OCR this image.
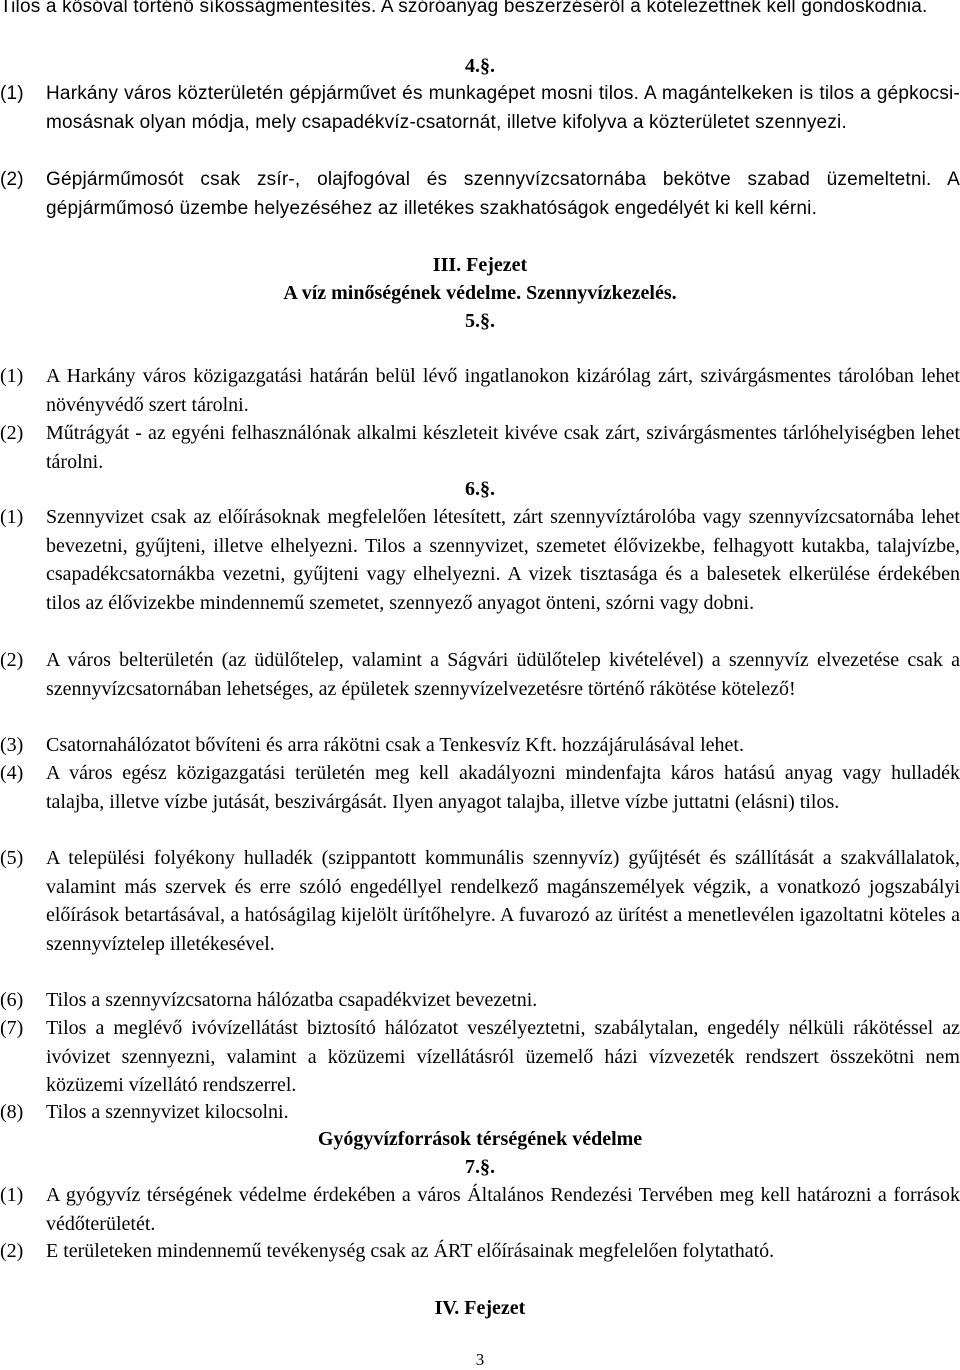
Tilos a kősóval történő síkosságmentesítés. A szóróanyag beszerzéséről a kötelezettnek kell gondoskodnia.

4.§.

(1)	Harkány város közterületén gépjárművet és munkagépet mosni tilos. A magántelkeken is tilos a gépkocsi-mosásnak olyan módja, mely csapadékvíz-csatornát, illetve kifolyva a közterületet szennyezi.
(2)	Gépjárműmosót csak zsír-, olajfogóval és szennyvízcsatornába bekötve szabad üzemeltetni. A gépjárműmosó üzembe helyezéséhez az illetékes szakhatóságok engedélyét ki kell kérni.

III. Fejezet

A víz minőségének védelme. Szennyvízkezelés.

5.§.

(1)	A Harkány város közigazgatási határán belül lévő ingatlanokon kizárólag zárt, szivárgásmentes tárolóban lehet növényvédő szert tárolni.
(2)	Műtrágyát - az egyéni felhasználónak alkalmi készleteit kivéve csak zárt, szivárgásmentes tárlóhelyiségben lehet tárolni.

6.§.

(1)	Szennyvizet csak az előírásoknak megfelelően létesített, zárt szennyvíztárolóba vagy szennyvízcsatornába lehet bevezetni, gyűjteni, illetve elhelyezni. Tilos a szennyvizet, szemetet élővizekbe, felhagyott kutakba, talajvízbe, csapadékcsatornákba vezetni, gyűjteni vagy elhelyezni. A vizek tisztasága és a balesetek elkerülése érdekében tilos az élővizekbe mindennemű szemetet, szennyező anyagot önteni, szórni vagy dobni.
(2)	A város belterületén (az üdülőtelep, valamint a Ságvári üdülőtelep kivételével) a szennyvíz elvezetése csak a szennyvízcsatornában lehetséges, az épületek szennyvízelvezetésre történő rákötése kötelező!
(3)	Csatornahálózatot bővíteni és arra rákötni csak a Tenkesvíz Kft. hozzájárulásával lehet.
(4)	A város egész közigazgatási területén meg kell akadályozni mindenfajta káros hatású anyag vagy hulladék talajba, illetve vízbe jutását, beszivárgását. Ilyen anyagot talajba, illetve vízbe juttatni (elásni) tilos.
(5)	A települési folyékony hulladék (szippantott kommunális szennyvíz) gyűjtését és szállítását a szakvállalatok, valamint más szervek és erre szóló engedéllyel rendelkező magánszemélyek végzik, a vonatkozó jogszabályi előírások betartásával, a hatóságilag kijelölt ürítőhelyre. A fuvarozó az ürítést a menetlevélen igazoltatni köteles a szennyvíztelep illetékesével.
(6)	Tilos a szennyvízcsatorna hálózatba csapadékvizet bevezetni.
(7)	Tilos a meglévő ivóvízellátást biztosító hálózatot veszélyeztetni, szabálytalan, engedély nélküli rákötéssel az ivóvizet szennyezni, valamint a közüzemi vízellátásról üzemelő házi vízvezeték rendszert összekötni nem közüzemi vízellátó rendszerrel.
(8)	Tilos a szennyvizet kilocsolni.

Gyógyvízforrások térségének védelme

7.§.

(1)	A gyógyvíz térségének védelme érdekében a város Általános Rendezési Tervében meg kell határozni a források védőterületét.
(2)	E területeken mindennemű tevékenység csak az ÁRT előírásainak megfelelően folytatható.

IV. Fejezet

3
